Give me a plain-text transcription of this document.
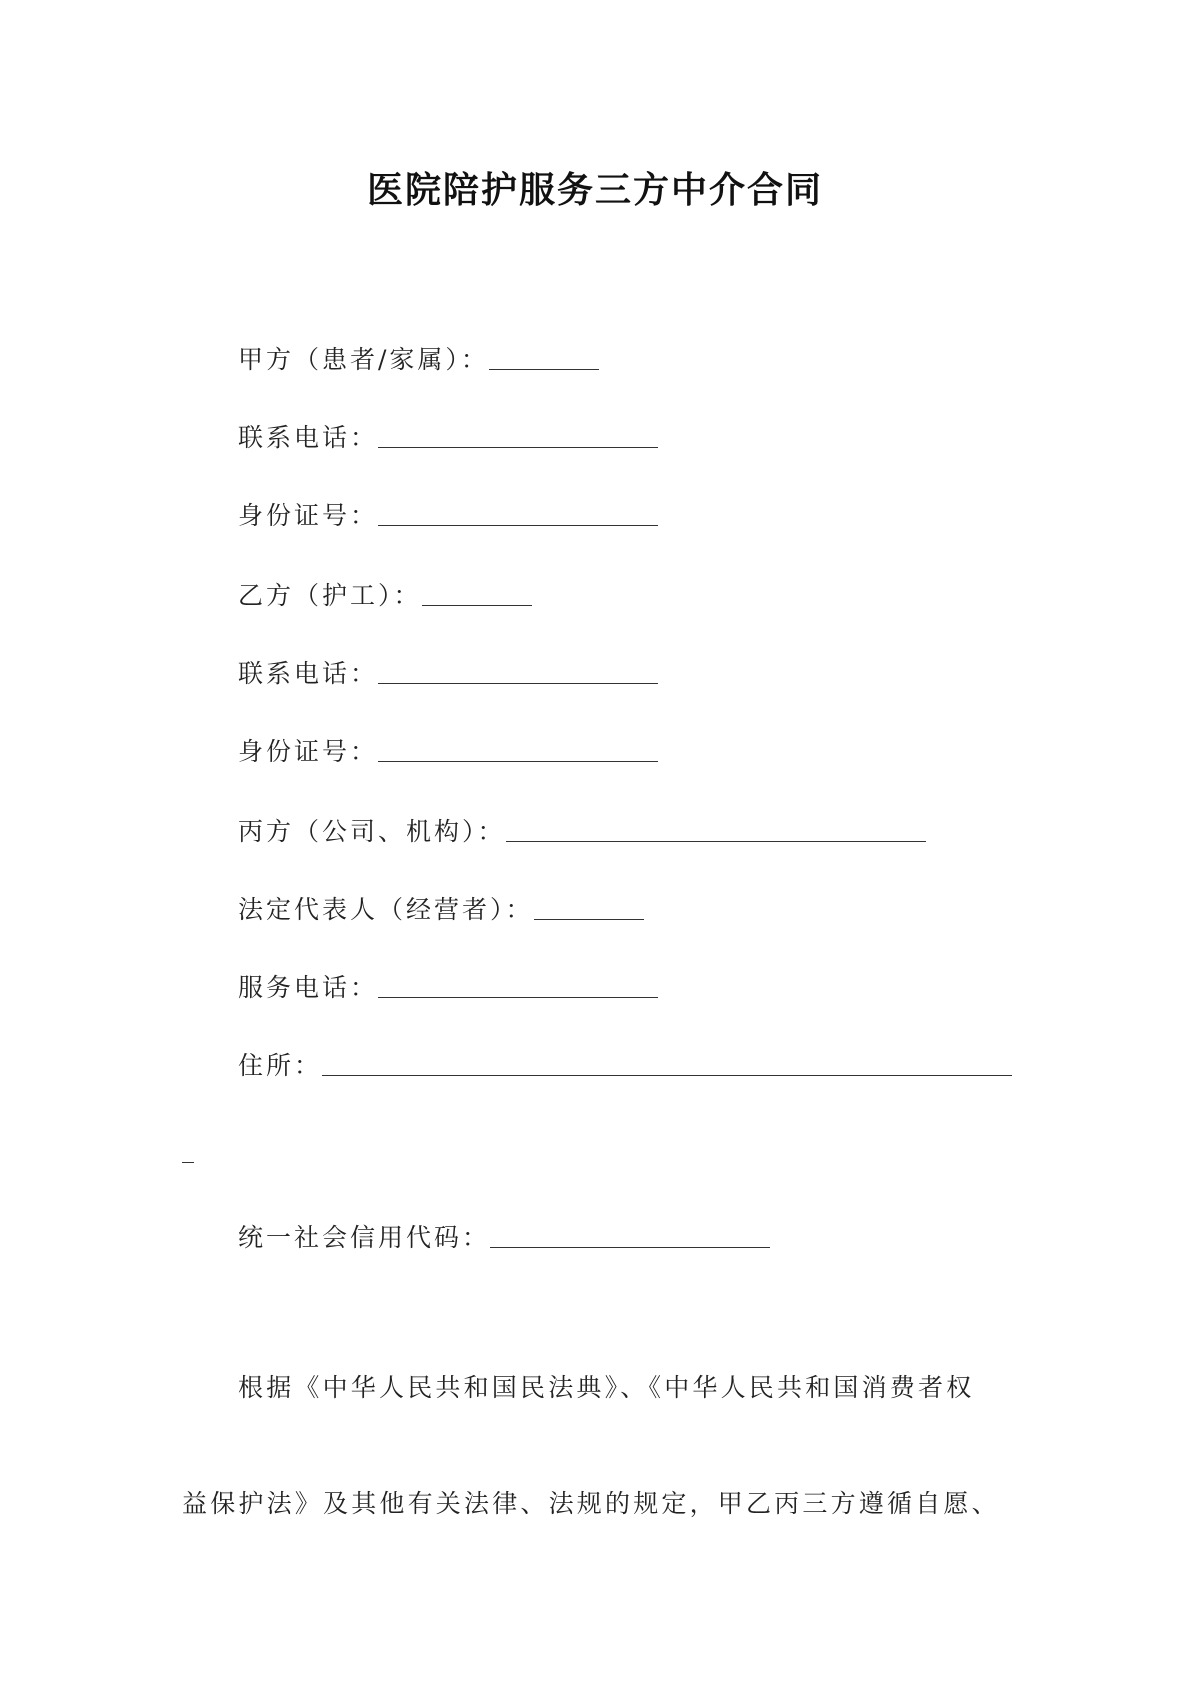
医院陪护服务三方中介合同
甲方（患者/家属）：
联系电话：
身份证号：
乙方（护工）：
联系电话：
身份证号：
丙方（公司、机构）：
法定代表人（经营者）：
服务电话：
住所：
统一社会信用代码：
根据《中华人民共和国民法典》、《中华人民共和国消费者权
益保护法》及其他有关法律、法规的规定，甲乙丙三方遵循自愿、
